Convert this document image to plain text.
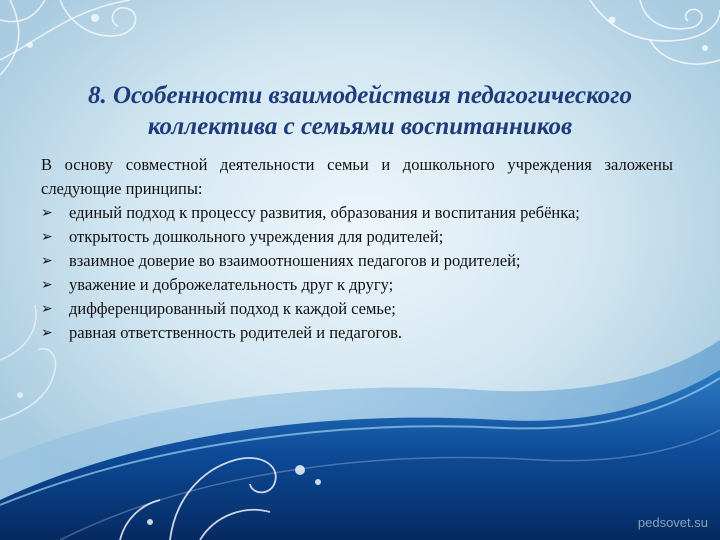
8. Особенности взаимодействия педагогического
коллектива с семьями воспитанников
В основу совместной деятельности семьи и дошкольного учреждения заложены следующие принципы:
➢ единый подход к процессу развития, образования и воспитания ребёнка;
➢ открытость дошкольного учреждения для родителей;
➢ взаимное доверие во взаимоотношениях педагогов и родителей;
➢ уважение и доброжелательность друг к другу;
➢ дифференцированный подход к каждой семье;
➢ равная ответственность родителей и педагогов.
pedsovet.su
